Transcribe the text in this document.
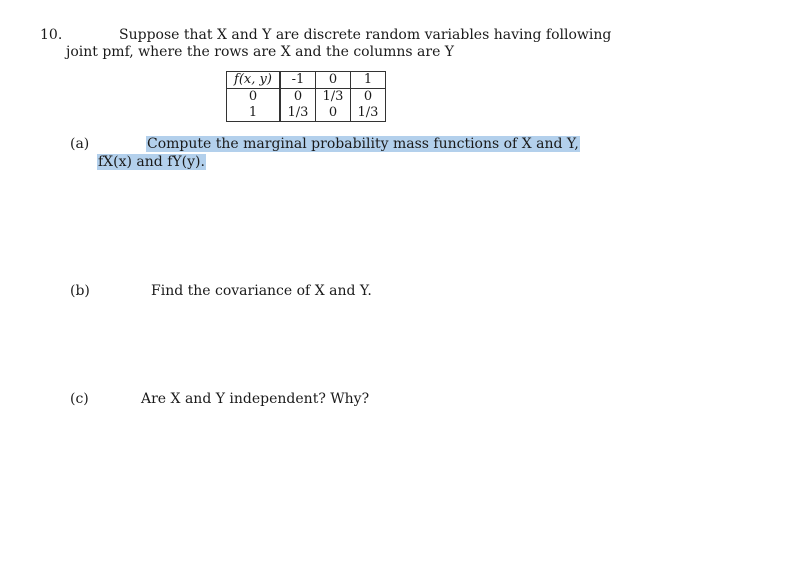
10.	Suppose that X and Y are discrete random variables having following
joint pmf, where the rows are X and the columns are Y
f(x, y)	-1	0	1
0	0	1/3	0
1	1/3	0	1/3
(a)	Compute the marginal probability mass functions of X and Y,
fX(x) and fY(y).
(b)	Find the covariance of X and Y.
(c)	Are X and Y independent? Why?
